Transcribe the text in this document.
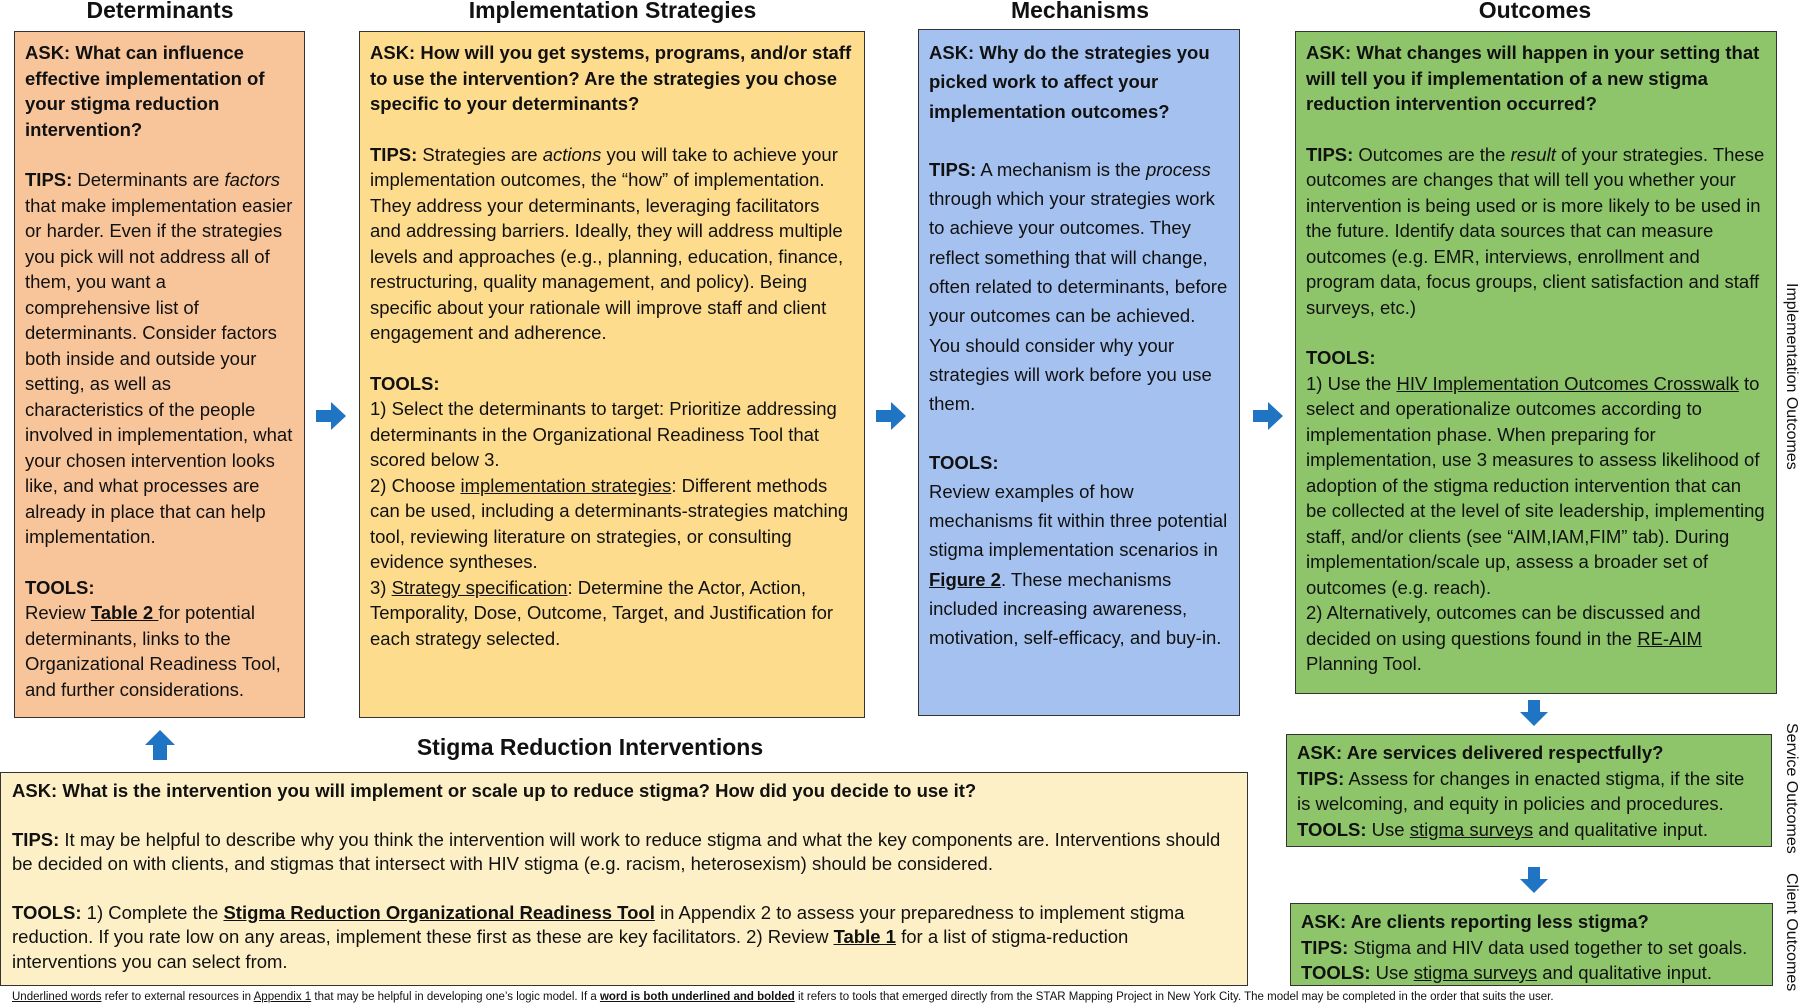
Determinants	Implementation Strategies	Mechanisms	Outcomes
Stigma Reduction Interventions

ASK: What can influence effective implementation of your stigma reduction intervention?

TIPS: Determinants are factors that make implementation easier or harder. Even if the strategies you pick will not address all of them, you want a comprehensive list of determinants. Consider factors both inside and outside your setting, as well as characteristics of the people involved in implementation, what your chosen intervention looks like, and what processes are already in place that can help implementation.

TOOLS:
Review Table 2 for potential determinants, links to the Organizational Readiness Tool, and further considerations.

ASK: How will you get systems, programs, and/or staff to use the intervention? Are the strategies you chose specific to your determinants?

TIPS: Strategies are actions you will take to achieve your implementation outcomes, the “how” of implementation. They address your determinants, leveraging facilitators and addressing barriers. Ideally, they will address multiple levels and approaches (e.g., planning, education, finance, restructuring, quality management, and policy). Being specific about your rationale will improve staff and client engagement and adherence.

TOOLS:
1) Select the determinants to target: Prioritize addressing determinants in the Organizational Readiness Tool that scored below 3.
2) Choose implementation strategies: Different methods can be used, including a determinants-strategies matching tool, reviewing literature on strategies, or consulting evidence syntheses.
3) Strategy specification: Determine the Actor, Action, Temporality, Dose, Outcome, Target, and Justification for each strategy selected.

ASK: Why do the strategies you picked work to affect your implementation outcomes?

TIPS: A mechanism is the process through which your strategies work to achieve your outcomes. They reflect something that will change, often related to determinants, before your outcomes can be achieved. You should consider why your strategies will work before you use them.

TOOLS:
Review examples of how mechanisms fit within three potential stigma implementation scenarios in Figure 2. These mechanisms included increasing awareness, motivation, self-efficacy, and buy-in.

ASK: What changes will happen in your setting that will tell you if implementation of a new stigma reduction intervention occurred?

TIPS: Outcomes are the result of your strategies. These outcomes are changes that will tell you whether your intervention is being used or is more likely to be used in the future. Identify data sources that can measure outcomes (e.g. EMR, interviews, enrollment and program data, focus groups, client satisfaction and staff surveys, etc.)

TOOLS:
1) Use the HIV Implementation Outcomes Crosswalk to select and operationalize outcomes according to implementation phase. When preparing for implementation, use 3 measures to assess likelihood of adoption of the stigma reduction intervention that can be collected at the level of site leadership, implementing staff, and/or clients (see “AIM,IAM,FIM” tab). During implementation/scale up, assess a broader set of outcomes (e.g. reach).
2) Alternatively, outcomes can be discussed and decided on using questions found in the RE-AIM Planning Tool.

ASK: Are services delivered respectfully?

TIPS: Assess for changes in enacted stigma, if the site is welcoming, and equity in policies and procedures.

TOOLS: Use stigma surveys and qualitative input.

ASK: Are clients reporting less stigma?

TIPS: Stigma and HIV data used together to set goals.

TOOLS: Use stigma surveys and qualitative input.

ASK: What is the intervention you will implement or scale up to reduce stigma? How did you decide to use it?

TIPS: It may be helpful to describe why you think the intervention will work to reduce stigma and what the key components are. Interventions should be decided on with clients, and stigmas that intersect with HIV stigma (e.g. racism, heterosexism) should be considered.

TOOLS: 1) Complete the Stigma Reduction Organizational Readiness Tool in Appendix 2 to assess your preparedness to implement stigma reduction. If you rate low on any areas, implement these first as these are key facilitators. 2) Review Table 1 for a list of stigma-reduction interventions you can select from.

Implementation Outcomes
Service Outcomes
Client Outcomes
Underlined words refer to external resources in Appendix 1 that may be helpful in developing one’s logic model. If a word is both underlined and bolded it refers to tools that emerged directly from the STAR Mapping Project in New York City. The model may be completed in the order that suits the user.
